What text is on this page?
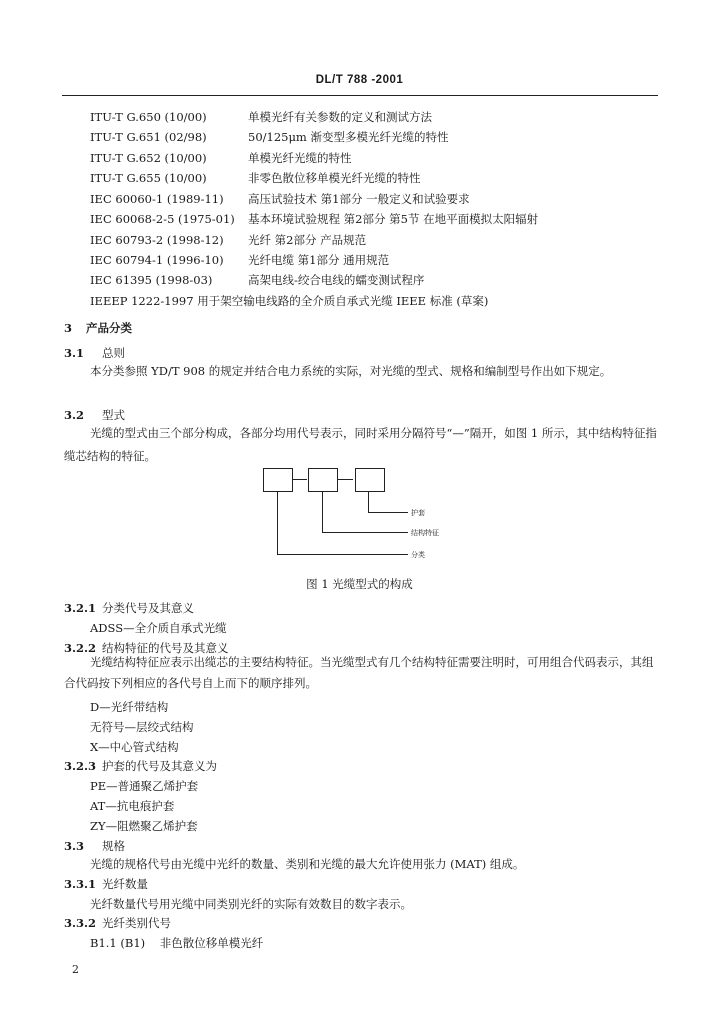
DL/T 788 -2001
ITU-T G.650 (10/00)	单模光纤有关参数的定义和测试方法
ITU-T G.651 (02/98)	50/125μm 渐变型多模光纤光缆的特性
ITU-T G.652 (10/00)	单模光纤光缆的特性
ITU-T G.655 (10/00)	非零色散位移单模光纤光缆的特性
IEC 60060-1 (1989-11) 高压试验技术 第1部分 一般定义和试验要求
IEC 60068-2-5 (1975-01) 基本环境试验规程 第2部分 第5节 在地平面模拟太阳辐射
IEC 60793-2 (1998-12) 光纤 第2部分 产品规范
IEC 60794-1 (1996-10) 光纤电缆 第1部分 通用规范
IEC 61395 (1998-03)	高架电线-绞合电线的蠕变测试程序
IEEEP 1222-1997 用于架空输电线路的全介质自承式光缆 IEEE 标准 (草案)
3 产品分类
3.1 总则
本分类参照 YD/T 908 的规定并结合电力系统的实际，对光缆的型式、规格和编制型号作出如下规定。
3.2 型式
光缆的型式由三个部分构成，各部分均用代号表示，同时采用分隔符号“—”隔开，如图 1 所示，其中结构特征指缆芯结构的特征。
护套
结构特征
分类
图 1 光缆型式的构成
3.2.1 分类代号及其意义
ADSS—全介质自承式光缆
3.2.2 结构特征的代号及其意义
光缆结构特征应表示出缆芯的主要结构特征。当光缆型式有几个结构特征需要注明时，可用组合代码表示，其组合代码按下列相应的各代号自上而下的顺序排列。
D—光纤带结构
无符号—层绞式结构
X—中心管式结构
3.2.3 护套的代号及其意义为
PE—普通聚乙烯护套
AT—抗电痕护套
ZY—阻燃聚乙烯护套
3.3 规格
光缆的规格代号由光缆中光纤的数量、类别和光缆的最大允许使用张力 (MAT) 组成。
3.3.1 光纤数量
光纤数量代号用光缆中同类别光纤的实际有效数目的数字表示。
3.3.2 光纤类别代号
B1.1 (B1)    非色散位移单模光纤
2
